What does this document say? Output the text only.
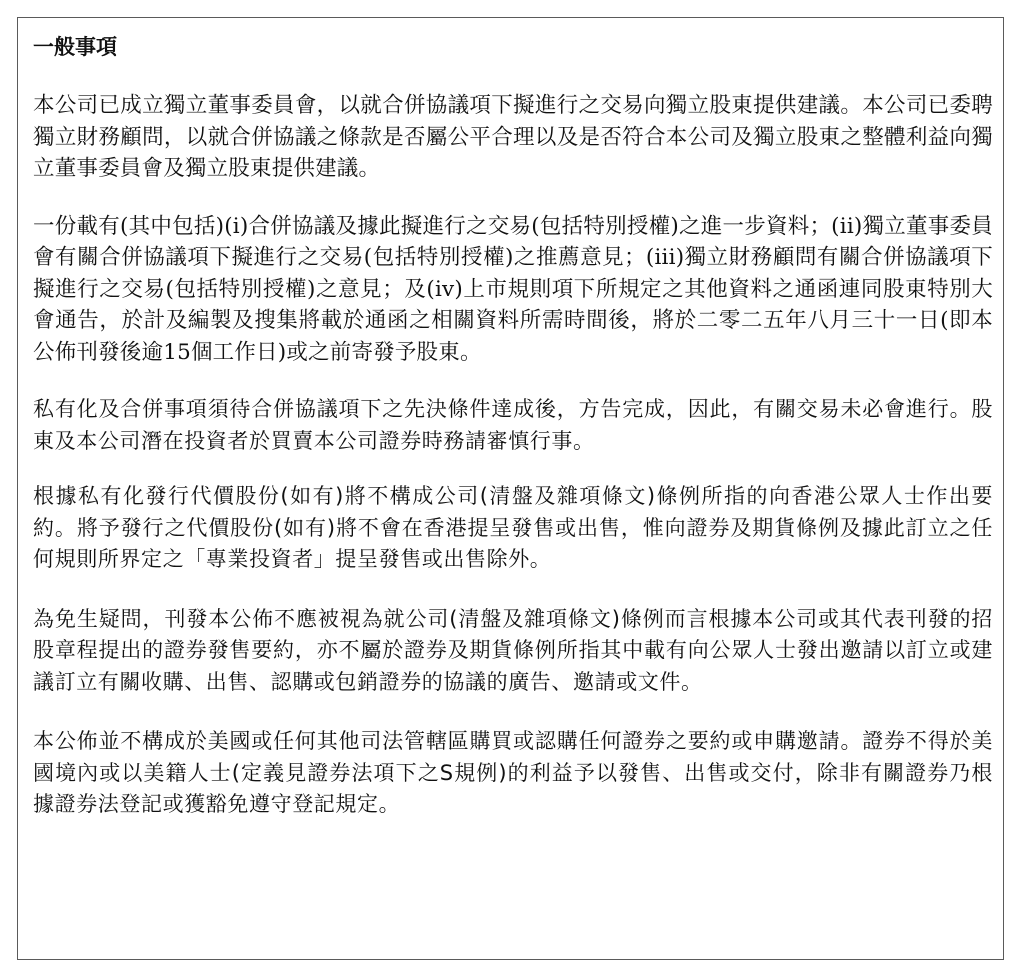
一般事項
本公司已成立獨立董事委員會，以就合併協議項下擬進行之交易向獨立股東提供建議。本公司已委聘獨立財務顧問，以就合併協議之條款是否屬公平合理以及是否符合本公司及獨立股東之整體利益向獨立董事委員會及獨立股東提供建議。
一份載有(其中包括)(i)合併協議及據此擬進行之交易(包括特別授權)之進一步資料；(ii)獨立董事委員會有關合併協議項下擬進行之交易(包括特別授權)之推薦意見；(iii)獨立財務顧問有關合併協議項下擬進行之交易(包括特別授權)之意見；及(iv)上市規則項下所規定之其他資料之通函連同股東特別大會通告，於計及編製及搜集將載於通函之相關資料所需時間後，將於二零二五年八月三十一日(即本公佈刊發後逾15個工作日)或之前寄發予股東。
私有化及合併事項須待合併協議項下之先決條件達成後，方告完成，因此，有關交易未必會進行。股東及本公司潛在投資者於買賣本公司證券時務請審慎行事。
根據私有化發行代價股份(如有)將不構成公司(清盤及雜項條文)條例所指的向香港公眾人士作出要約。將予發行之代價股份(如有)將不會在香港提呈發售或出售，惟向證券及期貨條例及據此訂立之任何規則所界定之「專業投資者」提呈發售或出售除外。
為免生疑問，刊發本公佈不應被視為就公司(清盤及雜項條文)條例而言根據本公司或其代表刊發的招股章程提出的證券發售要約，亦不屬於證券及期貨條例所指其中載有向公眾人士發出邀請以訂立或建議訂立有關收購、出售、認購或包銷證券的協議的廣告、邀請或文件。
本公佈並不構成於美國或任何其他司法管轄區購買或認購任何證券之要約或申購邀請。證券不得於美國境內或以美籍人士(定義見證券法項下之S規例)的利益予以發售、出售或交付，除非有關證券乃根據證券法登記或獲豁免遵守登記規定。
